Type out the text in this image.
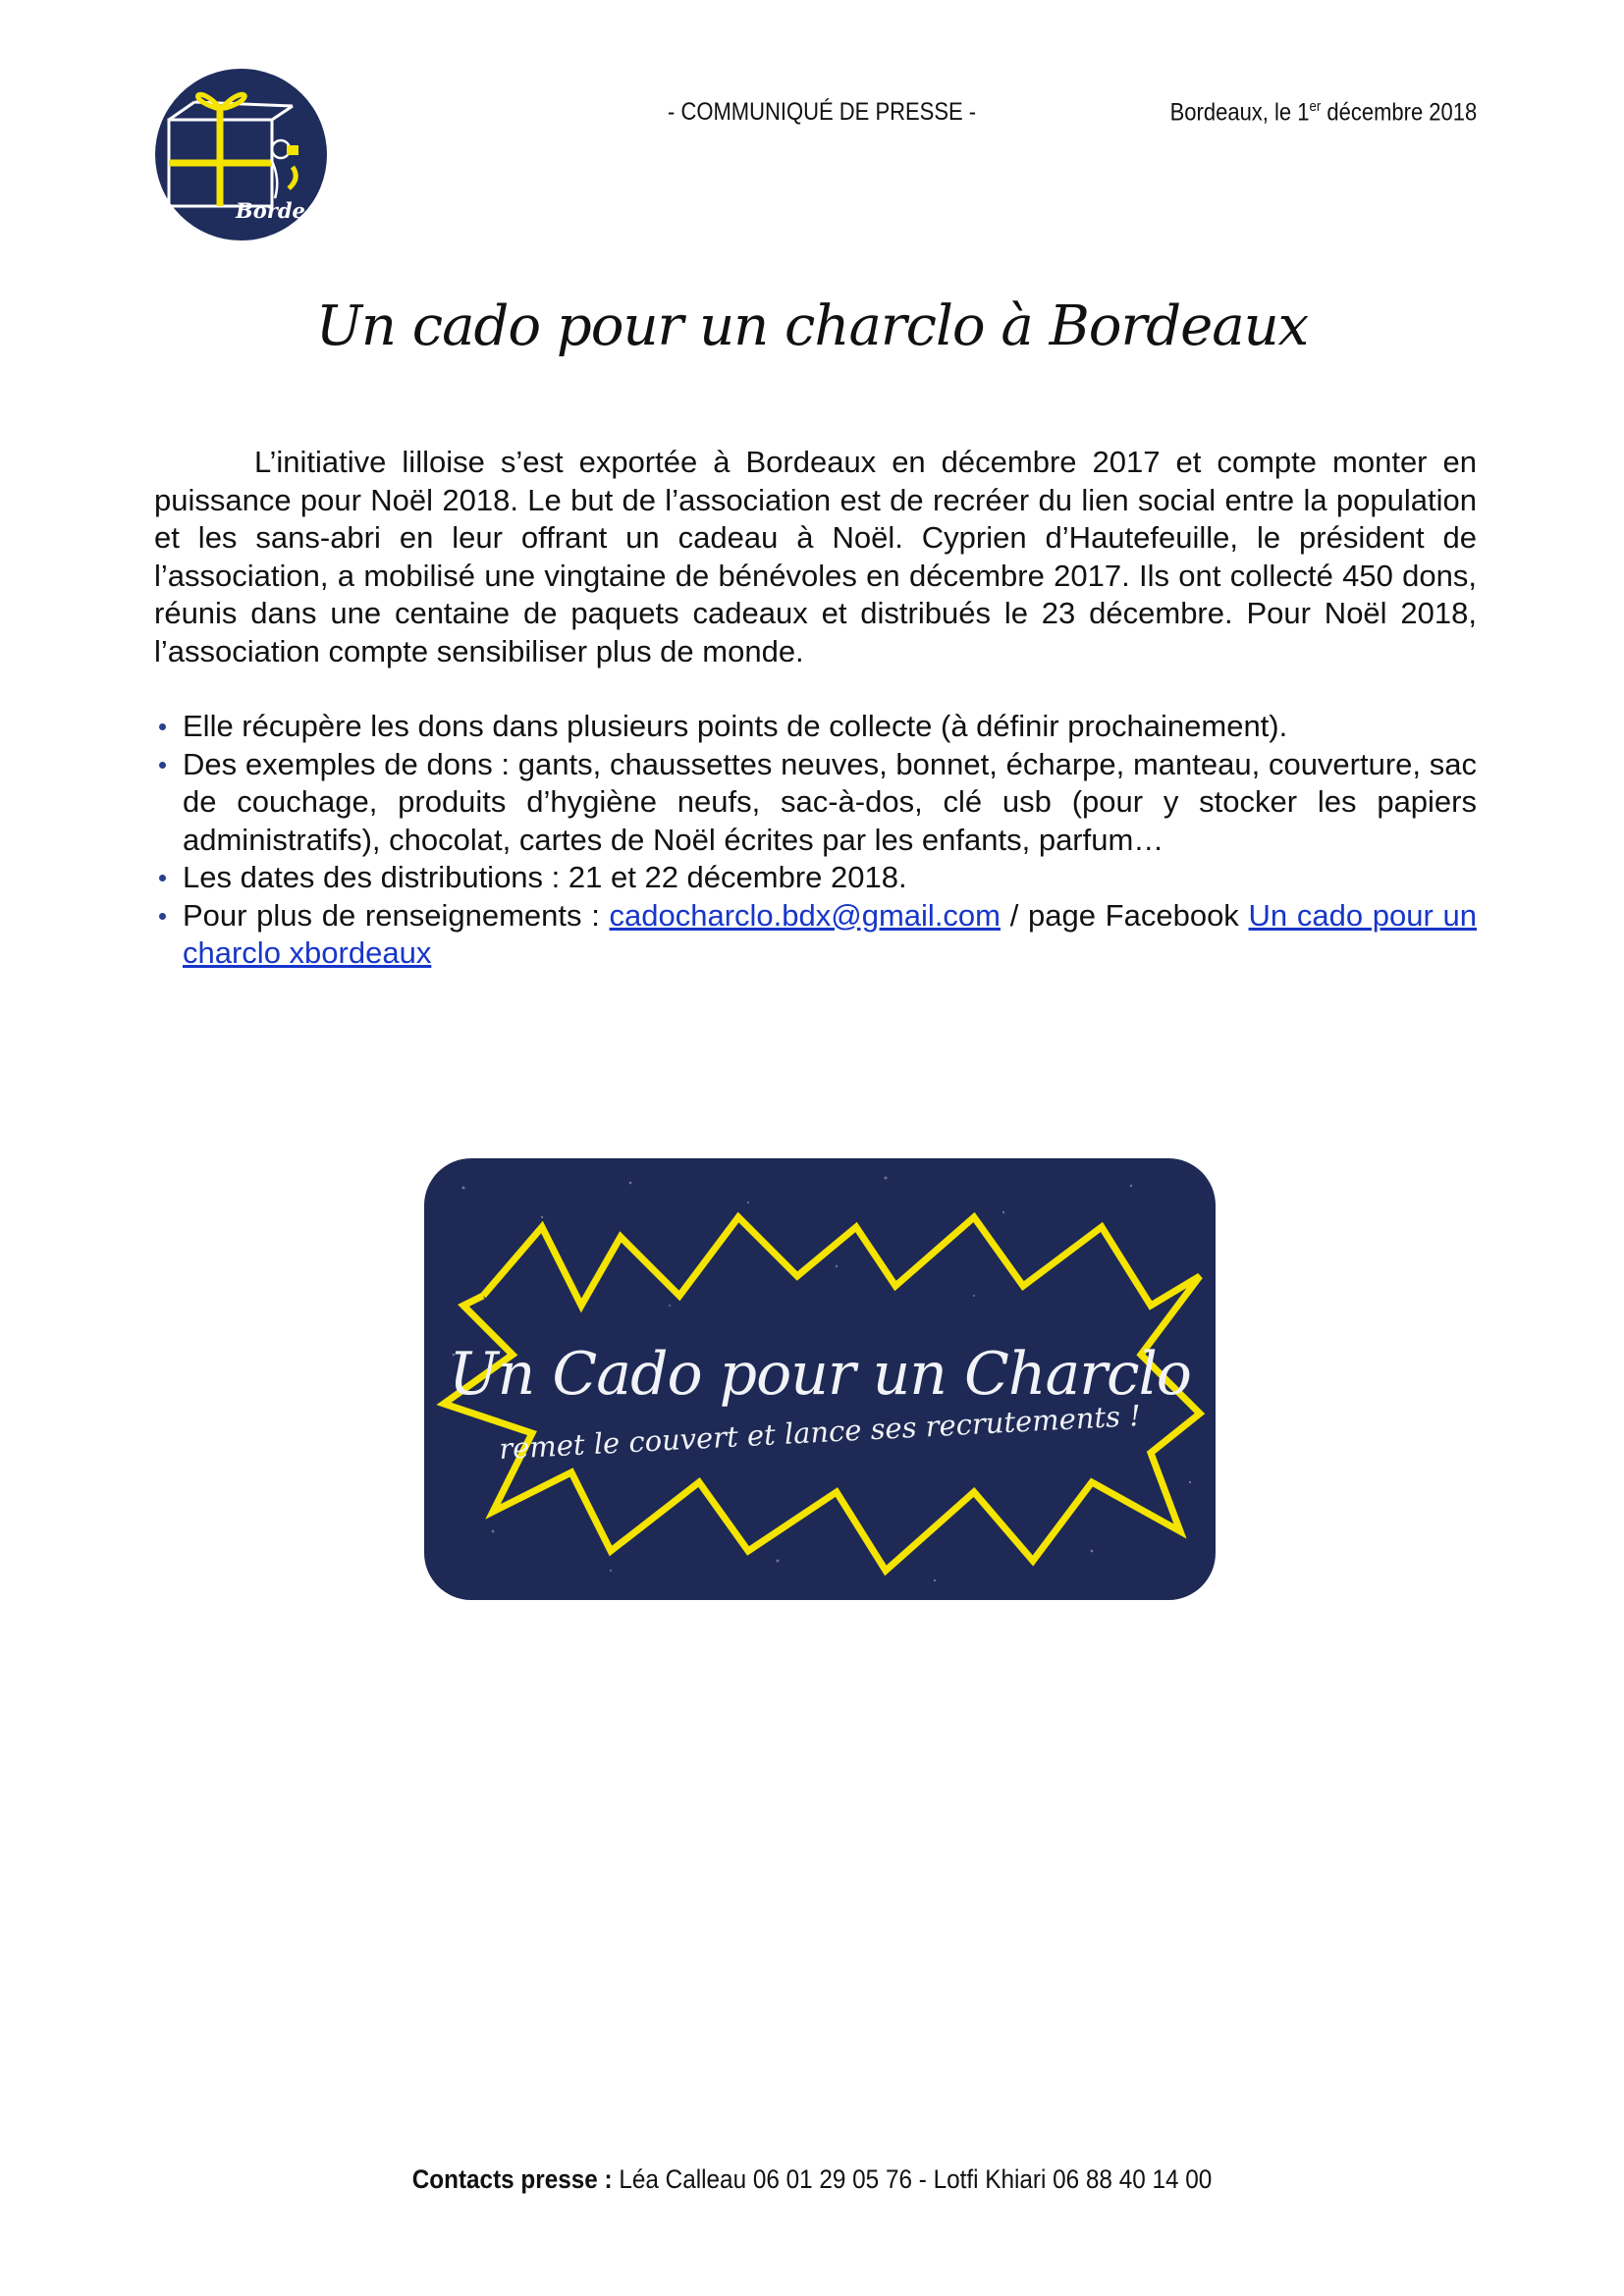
Bordeaux
- COMMUNIQUÉ DE PRESSE -	Bordeaux, le 1er décembre 2018
Un cado pour un charclo à Bordeaux

L’initiative lilloise s’est exportée à Bordeaux en décembre 2017 et compte monter en puissance pour Noël 2018. Le but de l’association est de recréer du lien social entre la population et les sans-abri en leur offrant un cadeau à Noël. Cyprien d’Hautefeuille, le président de l’association, a mobilisé une vingtaine de bénévoles en décembre 2017. Ils ont collecté 450 dons, réunis dans une centaine de paquets cadeaux et distribués le 23 décembre. Pour Noël 2018, l’association compte sensibiliser plus de monde.

Elle récupère les dons dans plusieurs points de collecte (à définir prochainement).
Des exemples de dons : gants, chaussettes neuves, bonnet, écharpe, manteau, couverture, sac de couchage, produits d’hygiène neufs, sac-à-dos, clé usb (pour y stocker les papiers administratifs), chocolat, cartes de Noël écrites par les enfants, parfum…
Les dates des distributions : 21 et 22 décembre 2018.
Pour plus de renseignements : cadocharclo.bdx@gmail.com / page Facebook Un cado pour un charclo xbordeaux
Un Cado pour un Charclo
remet le couvert et lance ses recrutements !
Contacts presse : Léa Calleau 06 01 29 05 76 - Lotfi Khiari 06 88 40 14 00
